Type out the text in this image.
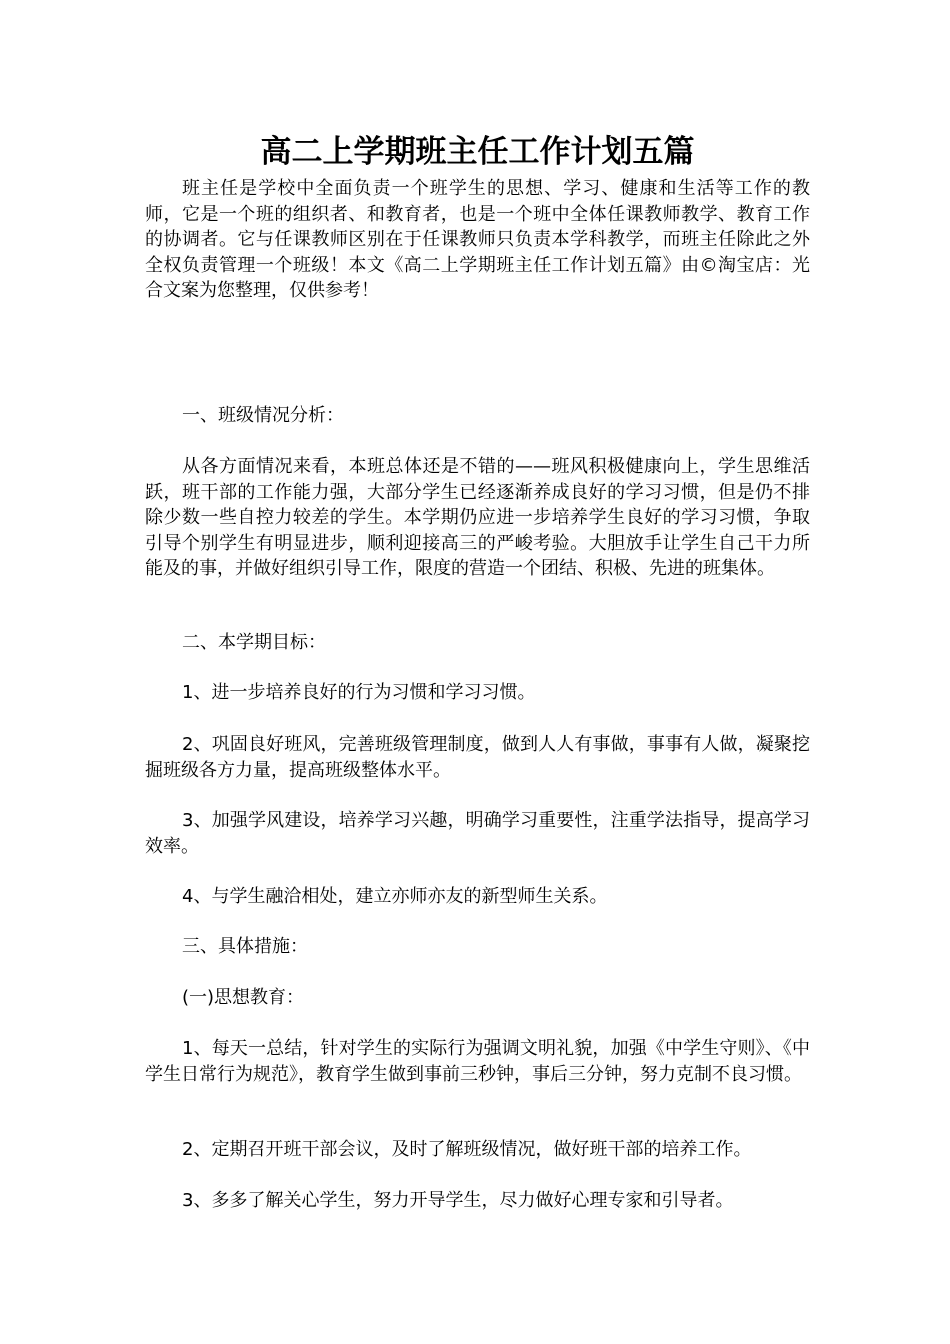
高二上学期班主任工作计划五篇

班主任是学校中全面负责一个班学生的思想、学习、健康和生活等工作的教师，它是一个班的组织者、和教育者，也是一个班中全体任课教师教学、教育工作的协调者。它与任课教师区别在于任课教师只负责本学科教学，而班主任除此之外全权负责管理一个班级！本文《高二上学期班主任工作计划五篇》由©淘宝店：光合文案为您整理，仅供参考！

一、班级情况分析：

从各方面情况来看，本班总体还是不错的——班风积极健康向上，学生思维活跃，班干部的工作能力强，大部分学生已经逐渐养成良好的学习习惯，但是仍不排除少数一些自控力较差的学生。本学期仍应进一步培养学生良好的学习习惯，争取引导个别学生有明显进步，顺利迎接高三的严峻考验。大胆放手让学生自己干力所能及的事，并做好组织引导工作，限度的营造一个团结、积极、先进的班集体。

二、本学期目标：

1、进一步培养良好的行为习惯和学习习惯。

2、巩固良好班风，完善班级管理制度，做到人人有事做，事事有人做，凝聚挖掘班级各方力量，提高班级整体水平。

3、加强学风建设，培养学习兴趣，明确学习重要性，注重学法指导，提高学习效率。

4、与学生融洽相处，建立亦师亦友的新型师生关系。

三、具体措施：

(一)思想教育：

1、每天一总结，针对学生的实际行为强调文明礼貌，加强《中学生守则》、《中学生日常行为规范》，教育学生做到事前三秒钟，事后三分钟，努力克制不良习惯。

2、定期召开班干部会议，及时了解班级情况，做好班干部的培养工作。

3、多多了解关心学生，努力开导学生，尽力做好心理专家和引导者。
